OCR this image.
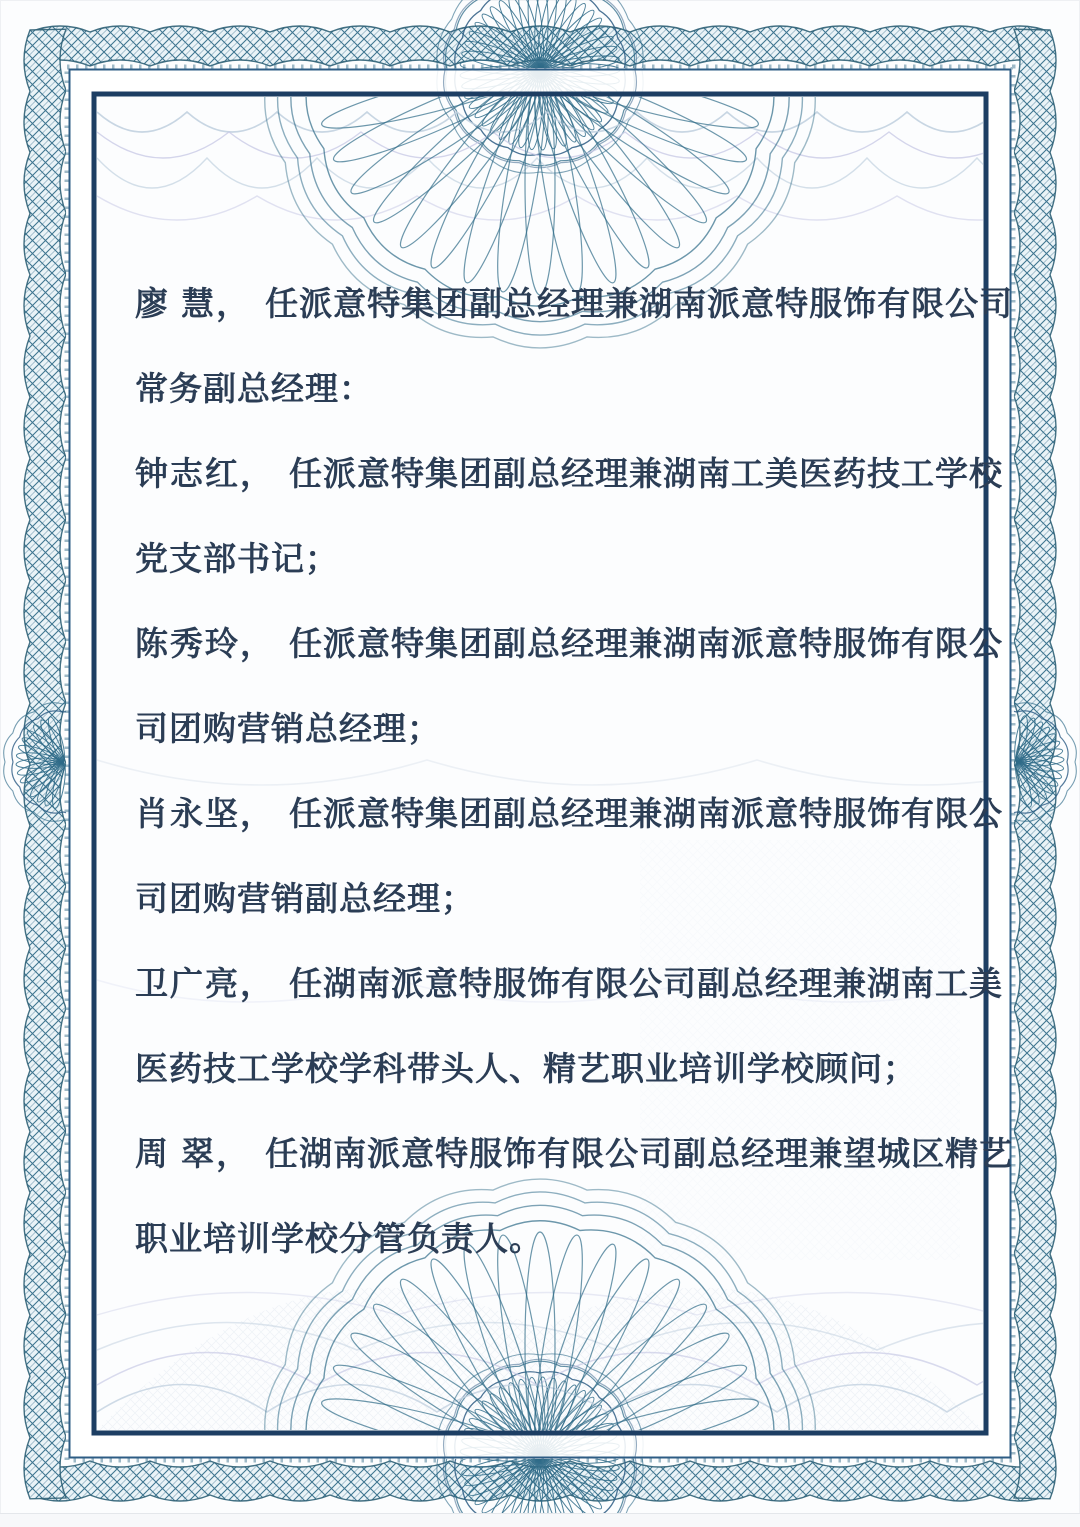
廖 慧， 任派意特集团副总经理兼湖南派意特服饰有限公司
常务副总经理：
钟志红， 任派意特集团副总经理兼湖南工美医药技工学校
党支部书记；
陈秀玲， 任派意特集团副总经理兼湖南派意特服饰有限公
司团购营销总经理；
肖永坚， 任派意特集团副总经理兼湖南派意特服饰有限公
司团购营销副总经理；
卫广亮， 任湖南派意特服饰有限公司副总经理兼湖南工美
医药技工学校学科带头人、精艺职业培训学校顾问；
周 翠， 任湖南派意特服饰有限公司副总经理兼望城区精艺
职业培训学校分管负责人。
